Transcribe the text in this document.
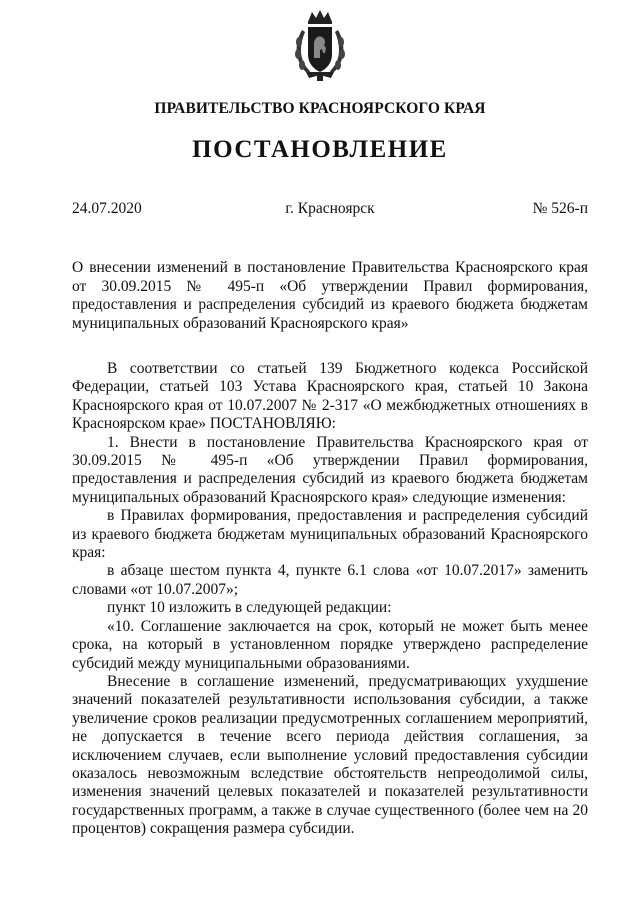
ПРАВИТЕЛЬСТВО КРАСНОЯРСКОГО КРАЯ
ПОСТАНОВЛЕНИЕ
24.07.2020	г. Красноярск	№ 526-п
О внесении изменений в постановление Правительства Красноярского края от 30.09.2015 № 495-п «Об утверждении Правил формирования, предоставления и распределения субсидий из краевого бюджета бюджетам муниципальных образований Красноярского края»

В соответствии со статьей 139 Бюджетного кодекса Российской Федерации, статьей 103 Устава Красноярского края, статьей 10 Закона Красноярского края от 10.07.2007 № 2-317 «О межбюджетных отношениях в Красноярском крае» ПОСТАНОВЛЯЮ:

1. Внести в постановление Правительства Красноярского края от 30.09.2015 № 495-п «Об утверждении Правил формирования, предоставления и распределения субсидий из краевого бюджета бюджетам муниципальных образований Красноярского края» следующие изменения:

в Правилах формирования, предоставления и распределения субсидий из краевого бюджета бюджетам муниципальных образований Красноярского края:

в абзаце шестом пункта 4, пункте 6.1 слова «от 10.07.2017» заменить словами «от 10.07.2007»;

пункт 10 изложить в следующей редакции:

«10. Соглашение заключается на срок, который не может быть менее срока, на который в установленном порядке утверждено распределение субсидий между муниципальными образованиями.

Внесение в соглашение изменений, предусматривающих ухудшение значений показателей результативности использования субсидии, а также увеличение сроков реализации предусмотренных соглашением мероприятий, не допускается в течение всего периода действия соглашения, за исключением случаев, если выполнение условий предоставления субсидии оказалось невозможным вследствие обстоятельств непреодолимой силы, изменения значений целевых показателей и показателей результативности государственных программ, а также в случае существенного (более чем на 20 процентов) сокращения размера субсидии.
